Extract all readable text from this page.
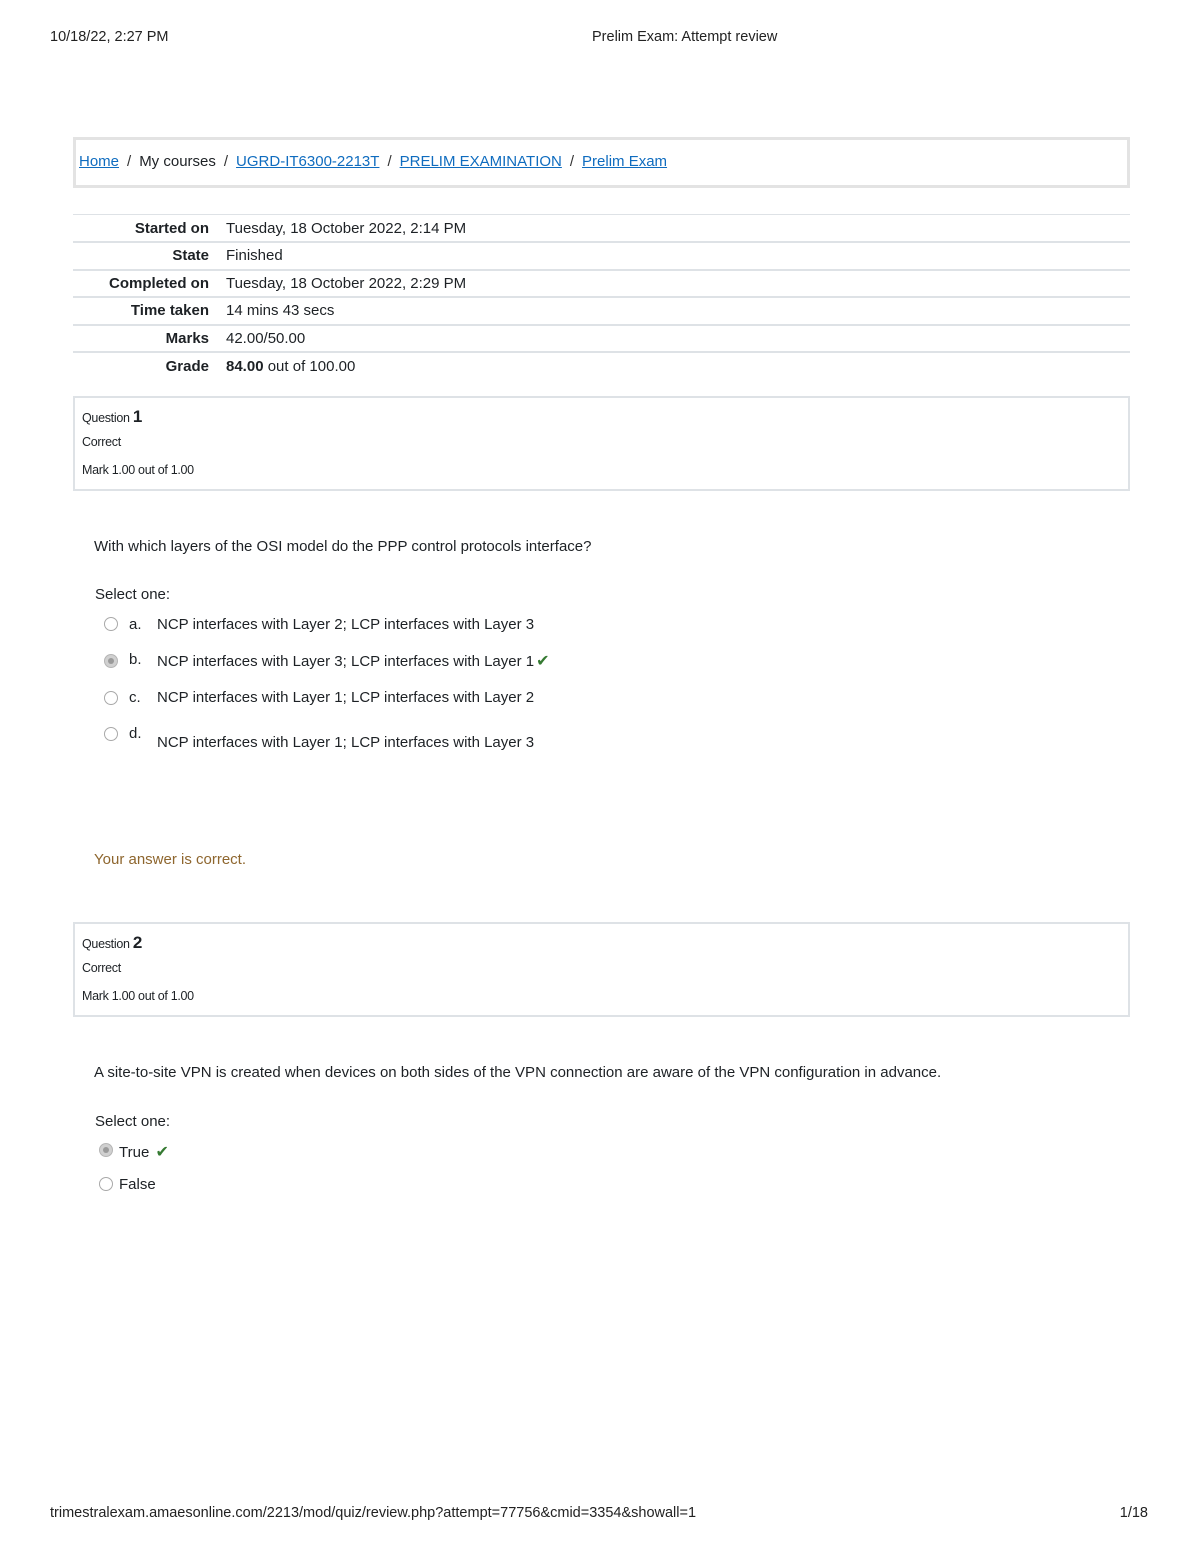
10/18/22, 2:27 PM	Prelim Exam: Attempt review
Home / My courses / UGRD-IT6300-2213T / PRELIM EXAMINATION / Prelim Exam
Started on	Tuesday, 18 October 2022, 2:14 PM
State	Finished
Completed on	Tuesday, 18 October 2022, 2:29 PM
Time taken	14 mins 43 secs
Marks	42.00/50.00
Grade	84.00 out of 100.00
Question 1
Correct
Mark 1.00 out of 1.00
With which layers of the OSI model do the PPP control protocols interface?
Select one:
a. NCP interfaces with Layer 2; LCP interfaces with Layer 3
b. NCP interfaces with Layer 3; LCP interfaces with Layer 1 ✔
c. NCP interfaces with Layer 1; LCP interfaces with Layer 2
d.
NCP interfaces with Layer 1; LCP interfaces with Layer 3
Your answer is correct.
Question 2
Correct
Mark 1.00 out of 1.00
A site-to-site VPN is created when devices on both sides of the VPN connection are aware of the VPN configuration in advance.
Select one:
True ✔
False
trimestralexam.amaesonline.com/2213/mod/quiz/review.php?attempt=77756&cmid=3354&showall=1	1/18
